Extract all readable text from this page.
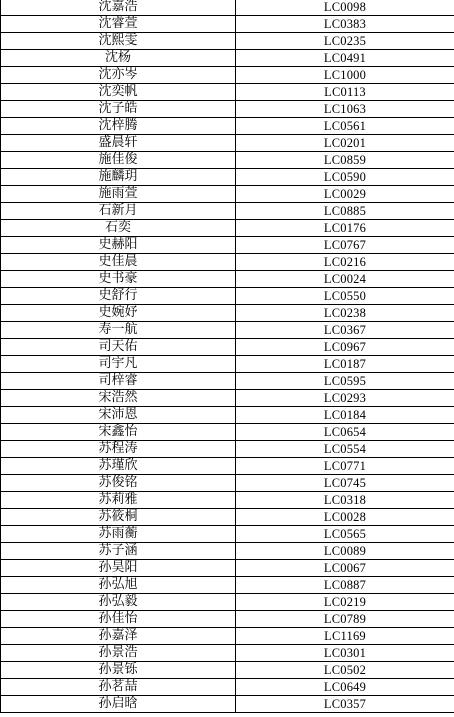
沈嘉浩	LC0098
沈睿萱	LC0383
沈熙雯	LC0235
沈杨	LC0491
沈亦岑	LC1000
沈奕帆	LC0113
沈子皓	LC1063
沈梓腾	LC0561
盛晨轩	LC0201
施佳俊	LC0859
施麟玥	LC0590
施雨萱	LC0029
石新月	LC0885
石奕	LC0176
史赫阳	LC0767
史佳晨	LC0216
史书豪	LC0024
史舒行	LC0550
史婉妤	LC0238
寿一航	LC0367
司天佑	LC0967
司宇凡	LC0187
司梓睿	LC0595
宋浩然	LC0293
宋沛恩	LC0184
宋鑫怡	LC0654
苏程涛	LC0554
苏瑾欣	LC0771
苏俊铭	LC0745
苏莉雅	LC0318
苏筱桐	LC0028
苏雨蘅	LC0565
苏子涵	LC0089
孙昊阳	LC0067
孙弘旭	LC0887
孙弘毅	LC0219
孙佳怡	LC0789
孙嘉泽	LC1169
孙景浩	LC0301
孙景铄	LC0502
孙茗喆	LC0649
孙启晗	LC0357
